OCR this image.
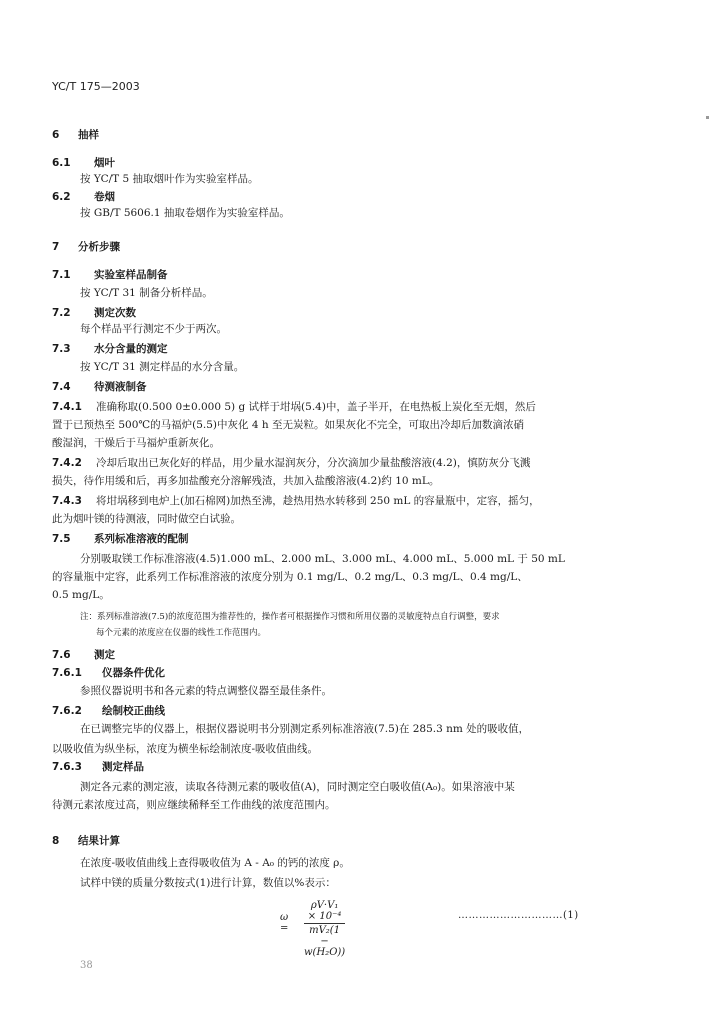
YC/T 175—2003
6 抽样
6.1 烟叶
按 YC/T 5 抽取烟叶作为实验室样品。
6.2 卷烟
按 GB/T 5606.1 抽取卷烟作为实验室样品。
7 分析步骤
7.1 实验室样品制备
按 YC/T 31 制备分析样品。
7.2 测定次数
每个样品平行测定不少于两次。
7.3 水分含量的测定
按 YC/T 31 测定样品的水分含量。
7.4 待测液制备
7.4.1 准确称取(0.500 0±0.000 5) g 试样于坩埚(5.4)中，盖子半开，在电热板上炭化至无烟，然后
置于已预热至 500℃的马福炉(5.5)中灰化 4 h 至无炭粒。如果灰化不完全，可取出冷却后加数滴浓硝
酸湿润，干燥后于马福炉重新灰化。
7.4.2 冷却后取出已灰化好的样品，用少量水湿润灰分，分次滴加少量盐酸溶液(4.2)，慎防灰分飞溅
损失，待作用缓和后，再多加盐酸充分溶解残渣，共加入盐酸溶液(4.2)约 10 mL。
7.4.3 将坩埚移到电炉上(加石棉网)加热至沸，趁热用热水转移到 250 mL 的容量瓶中，定容，摇匀，
此为烟叶镁的待测液，同时做空白试验。
7.5 系列标准溶液的配制
分别吸取镁工作标准溶液(4.5)1.000 mL、2.000 mL、3.000 mL、4.000 mL、5.000 mL 于 50 mL
的容量瓶中定容，此系列工作标准溶液的浓度分别为 0.1 mg/L、0.2 mg/L、0.3 mg/L、0.4 mg/L、
0.5 mg/L。
注：系列标准溶液(7.5)的浓度范围为推荐性的，操作者可根据操作习惯和所用仪器的灵敏度特点自行调整，要求
每个元素的浓度应在仪器的线性工作范围内。
7.6 测定
7.6.1 仪器条件优化
参照仪器说明书和各元素的特点调整仪器至最佳条件。
7.6.2 绘制校正曲线
在已调整完毕的仪器上，根据仪器说明书分别测定系列标准溶液(7.5)在 285.3 nm 处的吸收值，
以吸收值为纵坐标，浓度为横坐标绘制浓度-吸收值曲线。
7.6.3 测定样品
测定各元素的测定液，读取各待测元素的吸收值(A)，同时测定空白吸收值(A₀)。如果溶液中某
待测元素浓度过高，则应继续稀释至工作曲线的浓度范围内。
8 结果计算
在浓度-吸收值曲线上查得吸收值为 A - A₀ 的钙的浓度 ρ。
试样中镁的质量分数按式(1)进行计算，数值以%表示：
$\omega = \frac{\text{ρV·V₁ × 10⁻⁴}}{\text{mV₂(1 − w(H₂O))}}$	…………………………(1)
38
